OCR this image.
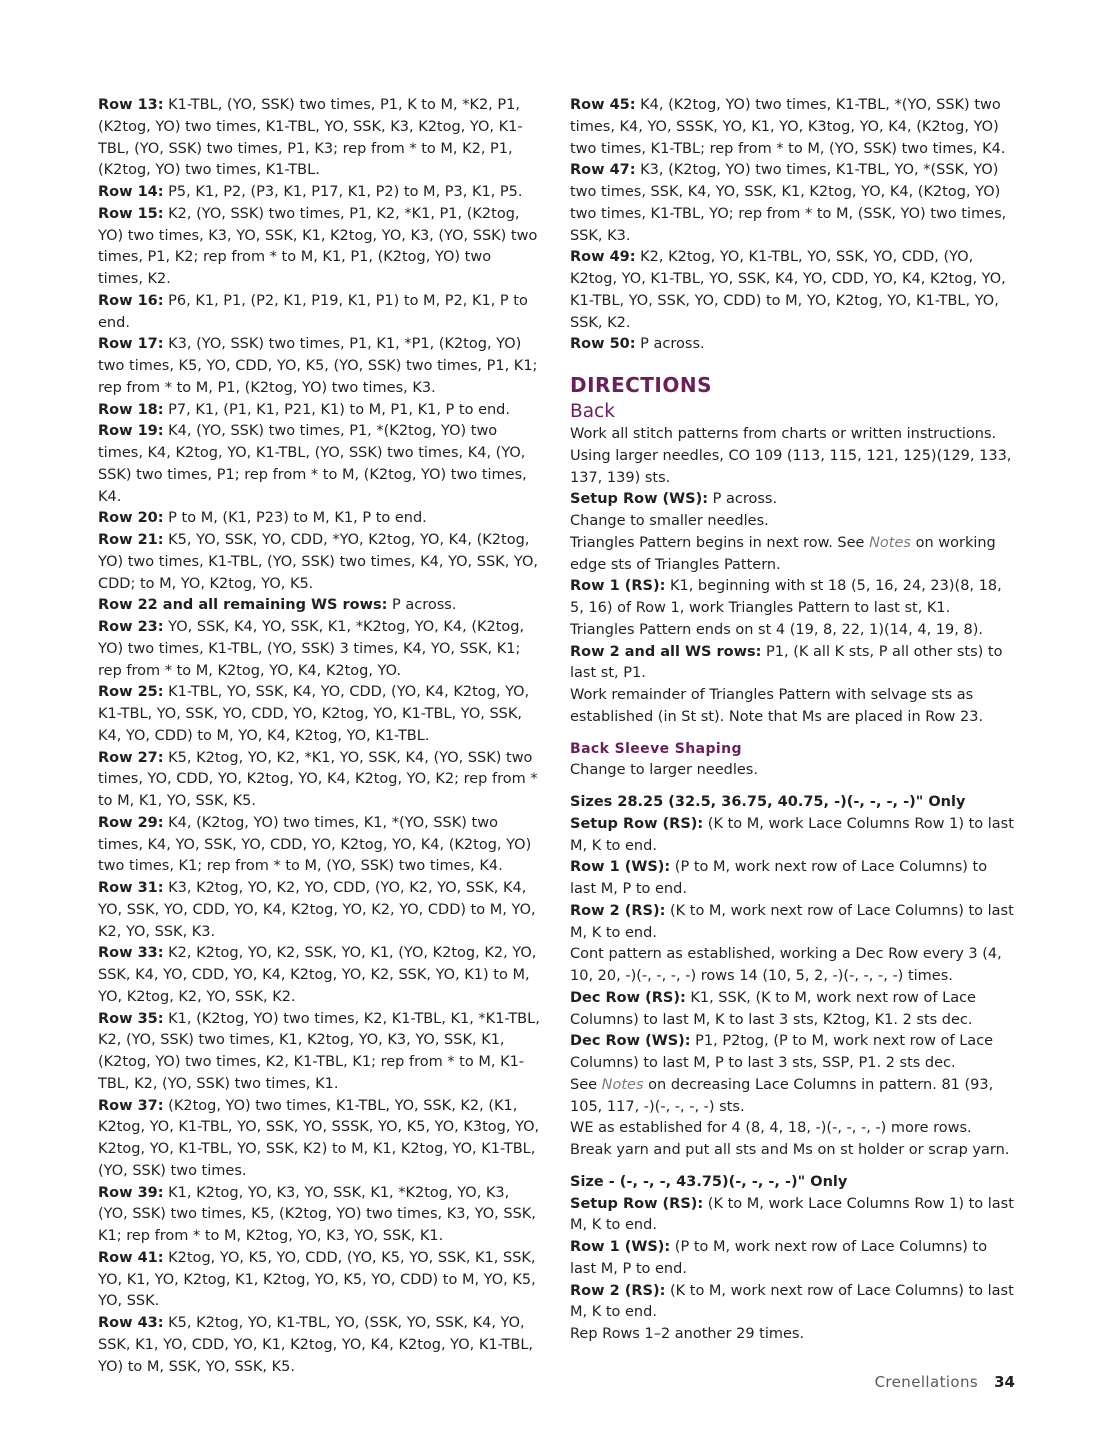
Row 13: K1-TBL, (YO, SSK) two times, P1, K to M, *K2, P1, (K2tog, YO) two times, K1-TBL, YO, SSK, K3, K2tog, YO, K1-TBL, (YO, SSK) two times, P1, K3; rep from * to M, K2, P1, (K2tog, YO) two times, K1-TBL.

Row 14: P5, K1, P2, (P3, K1, P17, K1, P2) to M, P3, K1, P5.

Row 15: K2, (YO, SSK) two times, P1, K2, *K1, P1, (K2tog, YO) two times, K3, YO, SSK, K1, K2tog, YO, K3, (YO, SSK) two times, P1, K2; rep from * to M, K1, P1, (K2tog, YO) two times, K2.

Row 16: P6, K1, P1, (P2, K1, P19, K1, P1) to M, P2, K1, P to end.

Row 17: K3, (YO, SSK) two times, P1, K1, *P1, (K2tog, YO) two times, K5, YO, CDD, YO, K5, (YO, SSK) two times, P1, K1; rep from * to M, P1, (K2tog, YO) two times, K3.

Row 18: P7, K1, (P1, K1, P21, K1) to M, P1, K1, P to end.

Row 19: K4, (YO, SSK) two times, P1, *(K2tog, YO) two times, K4, K2tog, YO, K1-TBL, (YO, SSK) two times, K4, (YO, SSK) two times, P1; rep from * to M, (K2tog, YO) two times, K4.

Row 20: P to M, (K1, P23) to M, K1, P to end.

Row 21: K5, YO, SSK, YO, CDD, *YO, K2tog, YO, K4, (K2tog, YO) two times, K1-TBL, (YO, SSK) two times, K4, YO, SSK, YO, CDD; to M, YO, K2tog, YO, K5.

Row 22 and all remaining WS rows: P across.

Row 23: YO, SSK, K4, YO, SSK, K1, *K2tog, YO, K4, (K2tog, YO) two times, K1-TBL, (YO, SSK) 3 times, K4, YO, SSK, K1; rep from * to M, K2tog, YO, K4, K2tog, YO.

Row 25: K1-TBL, YO, SSK, K4, YO, CDD, (YO, K4, K2tog, YO, K1-TBL, YO, SSK, YO, CDD, YO, K2tog, YO, K1-TBL, YO, SSK, K4, YO, CDD) to M, YO, K4, K2tog, YO, K1-TBL.

Row 27: K5, K2tog, YO, K2, *K1, YO, SSK, K4, (YO, SSK) two times, YO, CDD, YO, K2tog, YO, K4, K2tog, YO, K2; rep from * to M, K1, YO, SSK, K5.

Row 29: K4, (K2tog, YO) two times, K1, *(YO, SSK) two times, K4, YO, SSK, YO, CDD, YO, K2tog, YO, K4, (K2tog, YO) two times, K1; rep from * to M, (YO, SSK) two times, K4.

Row 31: K3, K2tog, YO, K2, YO, CDD, (YO, K2, YO, SSK, K4, YO, SSK, YO, CDD, YO, K4, K2tog, YO, K2, YO, CDD) to M, YO, K2, YO, SSK, K3.

Row 33: K2, K2tog, YO, K2, SSK, YO, K1, (YO, K2tog, K2, YO, SSK, K4, YO, CDD, YO, K4, K2tog, YO, K2, SSK, YO, K1) to M, YO, K2tog, K2, YO, SSK, K2.

Row 35: K1, (K2tog, YO) two times, K2, K1-TBL, K1, *K1-TBL, K2, (YO, SSK) two times, K1, K2tog, YO, K3, YO, SSK, K1, (K2tog, YO) two times, K2, K1-TBL, K1; rep from * to M, K1-TBL, K2, (YO, SSK) two times, K1.

Row 37: (K2tog, YO) two times, K1-TBL, YO, SSK, K2, (K1, K2tog, YO, K1-TBL, YO, SSK, YO, SSSK, YO, K5, YO, K3tog, YO, K2tog, YO, K1-TBL, YO, SSK, K2) to M, K1, K2tog, YO, K1-TBL, (YO, SSK) two times.

Row 39: K1, K2tog, YO, K3, YO, SSK, K1, *K2tog, YO, K3, (YO, SSK) two times, K5, (K2tog, YO) two times, K3, YO, SSK, K1; rep from * to M, K2tog, YO, K3, YO, SSK, K1.

Row 41: K2tog, YO, K5, YO, CDD, (YO, K5, YO, SSK, K1, SSK, YO, K1, YO, K2tog, K1, K2tog, YO, K5, YO, CDD) to M, YO, K5, YO, SSK.

Row 43: K5, K2tog, YO, K1-TBL, YO, (SSK, YO, SSK, K4, YO, SSK, K1, YO, CDD, YO, K1, K2tog, YO, K4, K2tog, YO, K1-TBL, YO) to M, SSK, YO, SSK, K5.

Row 45: K4, (K2tog, YO) two times, K1-TBL, *(YO, SSK) two times, K4, YO, SSSK, YO, K1, YO, K3tog, YO, K4, (K2tog, YO) two times, K1-TBL; rep from * to M, (YO, SSK) two times, K4.

Row 47: K3, (K2tog, YO) two times, K1-TBL, YO, *(SSK, YO) two times, SSK, K4, YO, SSK, K1, K2tog, YO, K4, (K2tog, YO) two times, K1-TBL, YO; rep from * to M, (SSK, YO) two times, SSK, K3.

Row 49: K2, K2tog, YO, K1-TBL, YO, SSK, YO, CDD, (YO, K2tog, YO, K1-TBL, YO, SSK, K4, YO, CDD, YO, K4, K2tog, YO, K1-TBL, YO, SSK, YO, CDD) to M, YO, K2tog, YO, K1-TBL, YO, SSK, K2.

Row 50: P across.

DIRECTIONS
Back

Work all stitch patterns from charts or written instructions. Using larger needles, CO 109 (113, 115, 121, 125)(129, 133, 137, 139) sts.

Setup Row (WS): P across.

Change to smaller needles.

Triangles Pattern begins in next row. See Notes on working edge sts of Triangles Pattern.

Row 1 (RS): K1, beginning with st 18 (5, 16, 24, 23)(8, 18, 5, 16) of Row 1, work Triangles Pattern to last st, K1. Triangles Pattern ends on st 4 (19, 8, 22, 1)(14, 4, 19, 8).

Row 2 and all WS rows: P1, (K all K sts, P all other sts) to last st, P1.

Work remainder of Triangles Pattern with selvage sts as established (in St st). Note that Ms are placed in Row 23.

Back Sleeve Shaping

Change to larger needles.

Sizes 28.25 (32.5, 36.75, 40.75, -)(-, -, -, -)" Only

Setup Row (RS): (K to M, work Lace Columns Row 1) to last M, K to end.

Row 1 (WS): (P to M, work next row of Lace Columns) to last M, P to end.

Row 2 (RS): (K to M, work next row of Lace Columns) to last M, K to end.

Cont pattern as established, working a Dec Row every 3 (4, 10, 20, -)(-, -, -, -) rows 14 (10, 5, 2, -)(-, -, -, -) times.

Dec Row (RS): K1, SSK, (K to M, work next row of Lace Columns) to last M, K to last 3 sts, K2tog, K1. 2 sts dec.

Dec Row (WS): P1, P2tog, (P to M, work next row of Lace Columns) to last M, P to last 3 sts, SSP, P1. 2 sts dec.

See Notes on decreasing Lace Columns in pattern. 81 (93, 105, 117, -)(-, -, -, -) sts.

WE as established for 4 (8, 4, 18, -)(-, -, -, -) more rows.

Break yarn and put all sts and Ms on st holder or scrap yarn.

Size - (-, -, -, 43.75)(-, -, -, -)" Only

Setup Row (RS): (K to M, work Lace Columns Row 1) to last M, K to end.

Row 1 (WS): (P to M, work next row of Lace Columns) to last M, P to end.

Row 2 (RS): (K to M, work next row of Lace Columns) to last M, K to end.

Rep Rows 1–2 another 29 times.

Crenellations 34
